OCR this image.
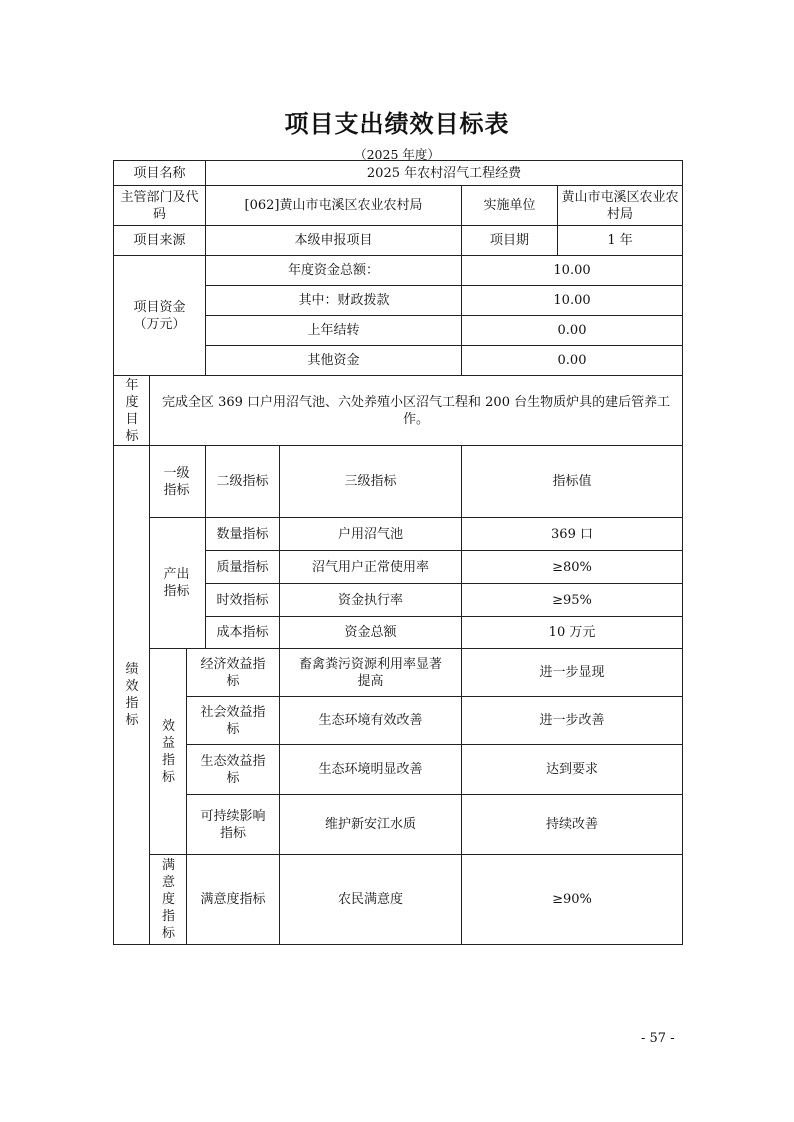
项目支出绩效目标表
（2025 年度）
项目名称			2025 年农村沼气工程经费			
主管部门及代码			[062]黄山市屯溪区农业农村局		实施单位	黄山市屯溪区农业农村局
项目来源			本级申报项目		项目期	1 年
项目资金（万元）			年度资金总额：		10.00	
			其中：财政拨款		10.00	
			上年结转		0.00	
			其他资金		0.00	
年度目标	完成全区 369 口户用沼气池、六处养殖小区沼气工程和 200 台生物质炉具的建后管养工作。					
绩效指标	一级指标		二级指标	三级指标	指标值	
	产出指标		数量指标	户用沼气池	369 口	
			质量指标	沼气用户正常使用率	≥80%	
			时效指标	资金执行率	≥95%	
			成本指标	资金总额	10 万元	
	效益指标	经济效益指标		畜禽粪污资源利用率显著提高	进一步显现	
		社会效益指标		生态环境有效改善	进一步改善	
		生态效益指标		生态环境明显改善	达到要求	
		可持续影响指标		维护新安江水质	持续改善	
	满意度指标	满意度指标		农民满意度	≥90%	
- 57 -
